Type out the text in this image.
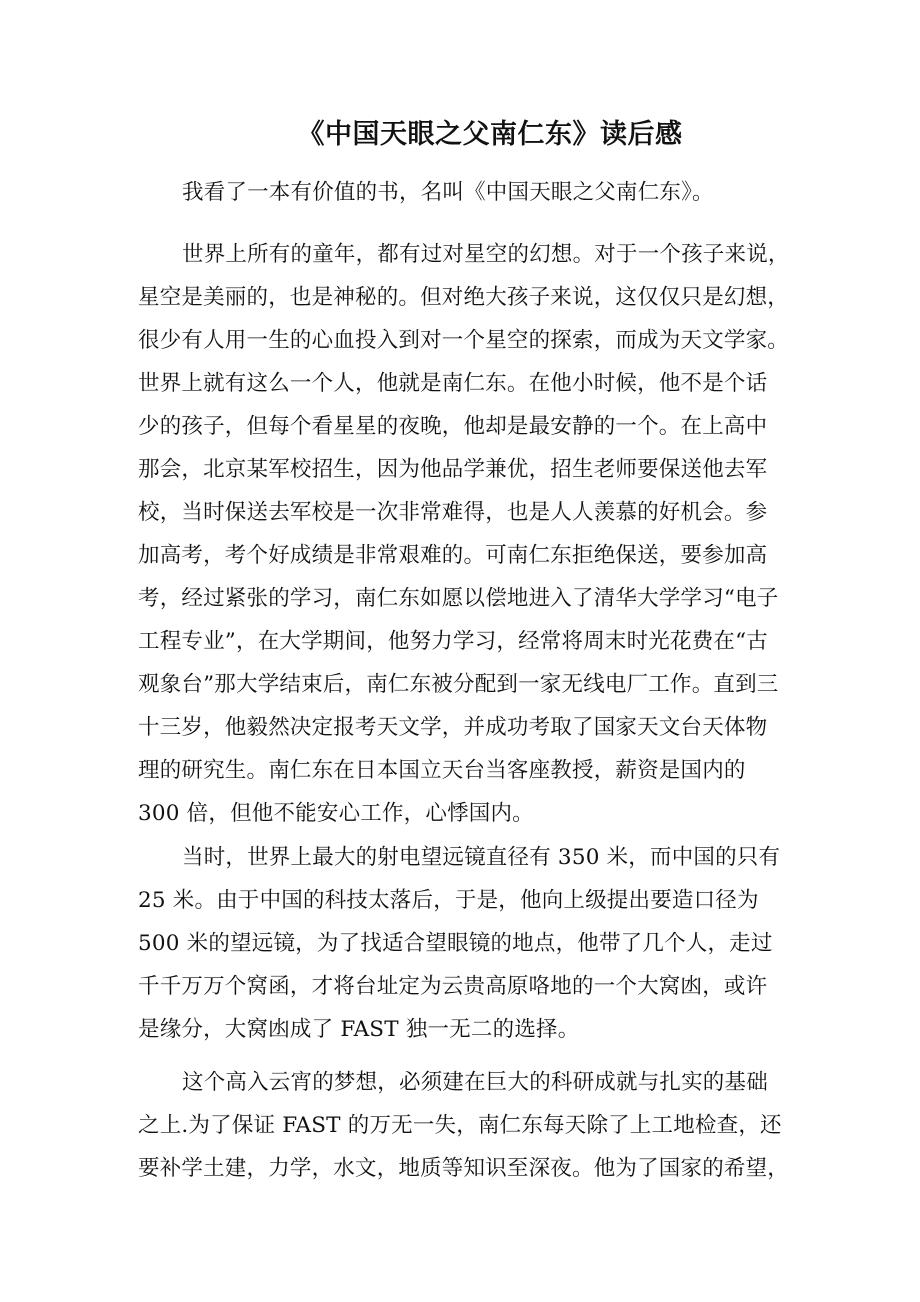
《中国天眼之父南仁东》读后感
我看了一本有价值的书，名叫《中国天眼之父南仁东》。
世界上所有的童年，都有过对星空的幻想。对于一个孩子来说，
星空是美丽的，也是神秘的。但对绝大孩子来说，这仅仅只是幻想，
很少有人用一生的心血投入到对一个星空的探索，而成为天文学家。
世界上就有这么一个人，他就是南仁东。在他小时候，他不是个话
少的孩子，但每个看星星的夜晚，他却是最安静的一个。在上高中
那会，北京某军校招生，因为他品学兼优，招生老师要保送他去军
校，当时保送去军校是一次非常难得，也是人人羡慕的好机会。参
加高考，考个好成绩是非常艰难的。可南仁东拒绝保送，要参加高
考，经过紧张的学习，南仁东如愿以偿地进入了清华大学学习“电子
工程专业”，在大学期间，他努力学习，经常将周末时光花费在“古
观象台”那大学结束后，南仁东被分配到一家无线电厂工作。直到三
十三岁，他毅然决定报考天文学，并成功考取了国家天文台天体物
理的研究生。南仁东在日本国立天台当客座教授，薪资是国内的
300 倍，但他不能安心工作，心悸国内。
当时，世界上最大的射电望远镜直径有 350 米，而中国的只有
25 米。由于中国的科技太落后，于是，他向上级提出要造口径为
500 米的望远镜，为了找适合望眼镜的地点，他带了几个人，走过
千千万万个窝函，才将台址定为云贵高原咯地的一个大窝凼，或许
是缘分，大窝凼成了 FAST 独一无二的选择。
这个高入云宵的梦想，必须建在巨大的科研成就与扎实的基础
之上.为了保证 FAST 的万无一失，南仁东每天除了上工地检查，还
要补学土建，力学，水文，地质等知识至深夜。他为了国家的希望，
